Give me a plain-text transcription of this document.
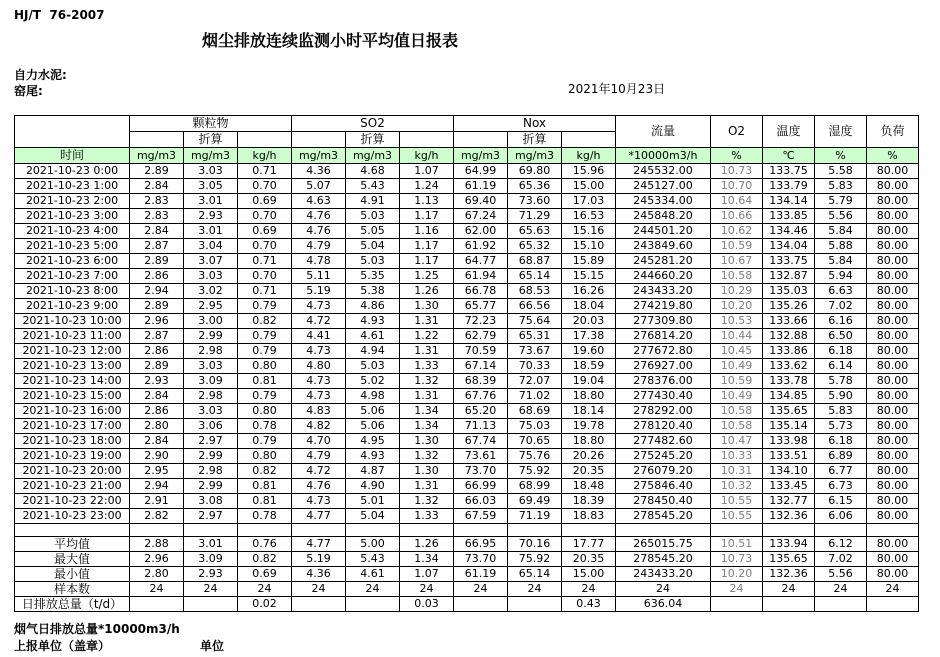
HJ/T  76-2007
烟尘排放连续监测小时平均值日报表
自力水泥:
窑尾:	2021年10月23日
	颗粒物			SO2			Nox			流量	O2	温度	湿度	负荷
		折算			折算			折算						
时间	mg/m3	mg/m3	kg/h	mg/m3	mg/m3	kg/h	mg/m3	mg/m3	kg/h	*10000m3/h	%	℃	%	%
2021-10-23 0:00	2.89	3.03	0.71	4.36	4.68	1.07	64.99	69.80	15.96	245532.00	10.73	133.75	5.58	80.00
2021-10-23 1:00	2.84	3.05	0.70	5.07	5.43	1.24	61.19	65.36	15.00	245127.00	10.70	133.79	5.83	80.00
2021-10-23 2:00	2.83	3.01	0.69	4.63	4.91	1.13	69.40	73.60	17.03	245334.00	10.64	134.14	5.79	80.00
2021-10-23 3:00	2.83	2.93	0.70	4.76	5.03	1.17	67.24	71.29	16.53	245848.20	10.66	133.85	5.56	80.00
2021-10-23 4:00	2.84	3.01	0.69	4.76	5.05	1.16	62.00	65.63	15.16	244501.20	10.62	134.46	5.84	80.00
2021-10-23 5:00	2.87	3.04	0.70	4.79	5.04	1.17	61.92	65.32	15.10	243849.60	10.59	134.04	5.88	80.00
2021-10-23 6:00	2.89	3.07	0.71	4.78	5.03	1.17	64.77	68.87	15.89	245281.20	10.67	133.75	5.84	80.00
2021-10-23 7:00	2.86	3.03	0.70	5.11	5.35	1.25	61.94	65.14	15.15	244660.20	10.58	132.87	5.94	80.00
2021-10-23 8:00	2.94	3.02	0.71	5.19	5.38	1.26	66.78	68.53	16.26	243433.20	10.29	135.03	6.63	80.00
2021-10-23 9:00	2.89	2.95	0.79	4.73	4.86	1.30	65.77	66.56	18.04	274219.80	10.20	135.26	7.02	80.00
2021-10-23 10:00	2.96	3.00	0.82	4.72	4.93	1.31	72.23	75.64	20.03	277309.80	10.53	133.66	6.16	80.00
2021-10-23 11:00	2.87	2.99	0.79	4.41	4.61	1.22	62.79	65.31	17.38	276814.20	10.44	132.88	6.50	80.00
2021-10-23 12:00	2.86	2.98	0.79	4.73	4.94	1.31	70.59	73.67	19.60	277672.80	10.45	133.86	6.18	80.00
2021-10-23 13:00	2.89	3.03	0.80	4.80	5.03	1.33	67.14	70.33	18.59	276927.00	10.49	133.62	6.14	80.00
2021-10-23 14:00	2.93	3.09	0.81	4.73	5.02	1.32	68.39	72.07	19.04	278376.00	10.59	133.78	5.78	80.00
2021-10-23 15:00	2.84	2.98	0.79	4.73	4.98	1.31	67.76	71.02	18.80	277430.40	10.49	134.85	5.90	80.00
2021-10-23 16:00	2.86	3.03	0.80	4.83	5.06	1.34	65.20	68.69	18.14	278292.00	10.58	135.65	5.83	80.00
2021-10-23 17:00	2.80	3.06	0.78	4.82	5.06	1.34	71.13	75.03	19.78	278120.40	10.58	135.14	5.73	80.00
2021-10-23 18:00	2.84	2.97	0.79	4.70	4.95	1.30	67.74	70.65	18.80	277482.60	10.47	133.98	6.18	80.00
2021-10-23 19:00	2.90	2.99	0.80	4.79	4.93	1.32	73.61	75.76	20.26	275245.20	10.33	133.51	6.89	80.00
2021-10-23 20:00	2.95	2.98	0.82	4.72	4.87	1.30	73.70	75.92	20.35	276079.20	10.31	134.10	6.77	80.00
2021-10-23 21:00	2.94	2.99	0.81	4.76	4.90	1.31	66.99	68.99	18.48	275846.40	10.32	133.45	6.73	80.00
2021-10-23 22:00	2.91	3.08	0.81	4.73	5.01	1.32	66.03	69.49	18.39	278450.40	10.55	132.77	6.15	80.00
2021-10-23 23:00	2.82	2.97	0.78	4.77	5.04	1.33	67.59	71.19	18.83	278545.20	10.55	132.36	6.06	80.00

平均值	2.88	3.01	0.76	4.77	5.00	1.26	66.95	70.16	17.77	265015.75	10.51	133.94	6.12	80.00
最大值	2.96	3.09	0.82	5.19	5.43	1.34	73.70	75.92	20.35	278545.20	10.73	135.65	7.02	80.00
最小值	2.80	2.93	0.69	4.36	4.61	1.07	61.19	65.14	15.00	243433.20	10.20	132.36	5.56	80.00
样本数	24	24	24	24	24	24	24	24	24	24	24	24	24	24
日排放总量（t/d）			0.02			0.03			0.43	636.04				
烟气日排放总量*10000m3/h
上报单位（盖章）	单位
